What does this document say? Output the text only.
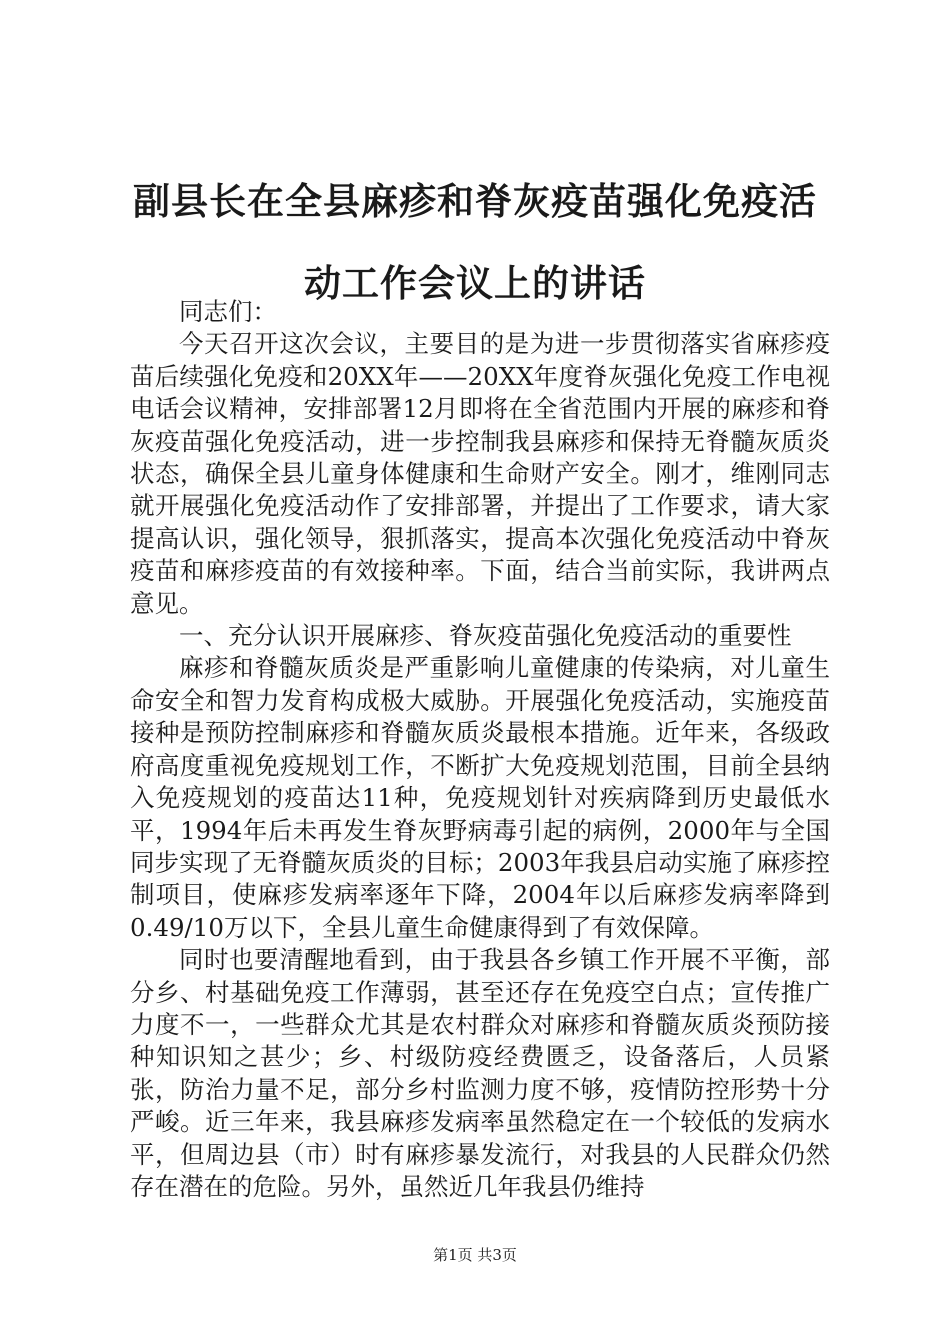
副县长在全县麻疹和脊灰疫苗强化免疫活动工作会议上的讲话

同志们：

今天召开这次会议，主要目的是为进一步贯彻落实省麻疹疫苗后续强化免疫和20XX年——20XX年度脊灰强化免疫工作电视电话会议精神，安排部署12月即将在全省范围内开展的麻疹和脊灰疫苗强化免疫活动，进一步控制我县麻疹和保持无脊髓灰质炎状态，确保全县儿童身体健康和生命财产安全。刚才，维刚同志就开展强化免疫活动作了安排部署，并提出了工作要求，请大家提高认识，强化领导，狠抓落实，提高本次强化免疫活动中脊灰疫苗和麻疹疫苗的有效接种率。下面，结合当前实际，我讲两点意见。

一、充分认识开展麻疹、脊灰疫苗强化免疫活动的重要性

麻疹和脊髓灰质炎是严重影响儿童健康的传染病，对儿童生命安全和智力发育构成极大威胁。开展强化免疫活动，实施疫苗接种是预防控制麻疹和脊髓灰质炎最根本措施。近年来，各级政府高度重视免疫规划工作，不断扩大免疫规划范围，目前全县纳入免疫规划的疫苗达11种，免疫规划针对疾病降到历史最低水平，1994年后未再发生脊灰野病毒引起的病例，2000年与全国同步实现了无脊髓灰质炎的目标；2003年我县启动实施了麻疹控制项目，使麻疹发病率逐年下降，2004年以后麻疹发病率降到0.49/10万以下，全县儿童生命健康得到了有效保障。

同时也要清醒地看到，由于我县各乡镇工作开展不平衡，部分乡、村基础免疫工作薄弱，甚至还存在免疫空白点；宣传推广力度不一，一些群众尤其是农村群众对麻疹和脊髓灰质炎预防接种知识知之甚少；乡、村级防疫经费匮乏，设备落后，人员紧张，防治力量不足，部分乡村监测力度不够，疫情防控形势十分严峻。近三年来，我县麻疹发病率虽然稳定在一个较低的发病水平，但周边县（市）时有麻疹暴发流行，对我县的人民群众仍然存在潜在的危险。另外，虽然近几年我县仍维持

第1页 共3页
